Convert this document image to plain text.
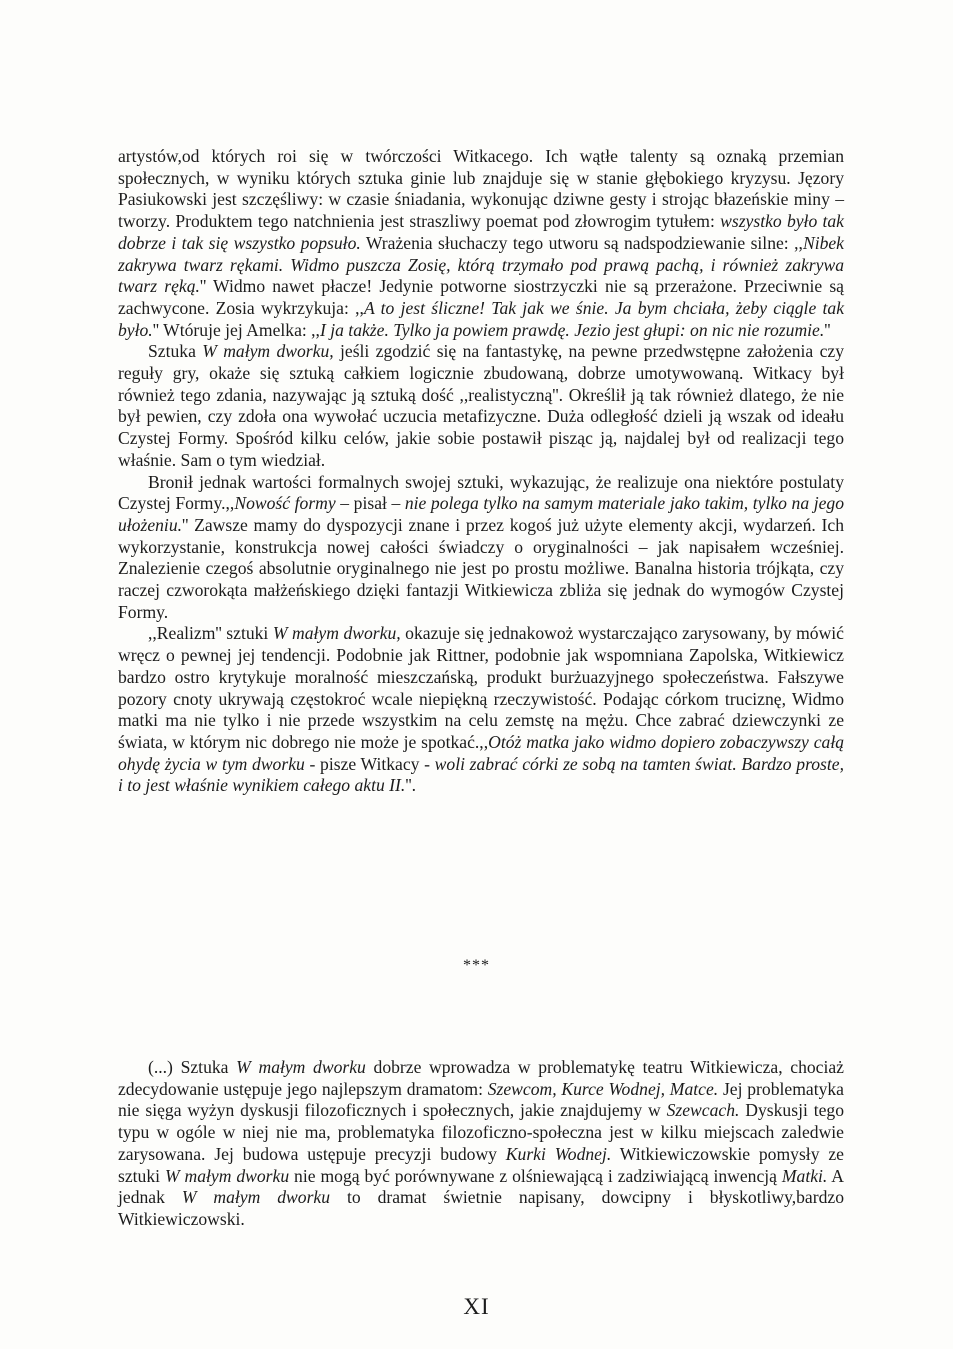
artystów,od których roi się w twórczości Witkacego. Ich wątłe talenty są oznaką przemian społecznych, w wyniku których sztuka ginie lub znajduje się w stanie głębokiego kryzysu. Jęzory Pasiukowski jest szczęśliwy: w czasie śniadania, wykonując dziwne gesty i strojąc błazeńskie miny – tworzy. Produktem tego natchnienia jest straszliwy poemat pod złowrogim tytułem: wszystko było tak dobrze i tak się wszystko popsuło. Wrażenia słuchaczy tego utworu są nadspodziewanie silne: ,,Nibek zakrywa twarz rękami. Widmo puszcza Zosię, którą trzymało pod prawą pachą, i również zakrywa twarz ręką.'' Widmo nawet płacze! Jedynie potworne siostrzyczki nie są przerażone. Przeciwnie są zachwycone. Zosia wykrzykuja: ,,A to jest śliczne! Tak jak we śnie. Ja bym chciała, żeby ciągle tak było.'' Wtóruje jej Amelka: ,,I ja także. Tylko ja powiem prawdę. Jezio jest głupi: on nic nie rozumie.''

Sztuka W małym dworku, jeśli zgodzić się na fantastykę, na pewne przedwstępne założenia czy reguły gry, okaże się sztuką całkiem logicznie zbudowaną, dobrze umotywowaną. Witkacy był również tego zdania, nazywając ją sztuką dość ,,realistyczną''. Określił ją tak również dlatego, że nie był pewien, czy zdoła ona wywołać uczucia metafizyczne. Duża odległość dzieli ją wszak od ideału Czystej Formy. Spośród kilku celów, jakie sobie postawił pisząc ją, najdalej był od realizacji tego właśnie. Sam o tym wiedział.

Bronił jednak wartości formalnych swojej sztuki, wykazując, że realizuje ona niektóre postulaty Czystej Formy.,,Nowość formy – pisał – nie polega tylko na samym materiale jako takim, tylko na jego ułożeniu.'' Zawsze mamy do dyspozycji znane i przez kogoś już użyte elementy akcji, wydarzeń. Ich wykorzystanie, konstrukcja nowej całości świadczy o oryginalności – jak napisałem wcześniej. Znalezienie czegoś absolutnie oryginalnego nie jest po prostu możliwe. Banalna historia trójkąta, czy raczej czworokąta małżeńskiego dzięki fantazji Witkiewicza zbliża się jednak do wymogów Czystej Formy.

,,Realizm'' sztuki W małym dworku, okazuje się jednakowoż wystarczająco zarysowany, by mówić wręcz o pewnej jej tendencji. Podobnie jak Rittner, podobnie jak wspomniana Zapolska, Witkiewicz bardzo ostro krytykuje moralność mieszczańską, produkt burżuazyjnego społeczeństwa. Fałszywe pozory cnoty ukrywają częstokroć wcale niepiękną rzeczywistość. Podając córkom truciznę, Widmo matki ma nie tylko i nie przede wszystkim na celu zemstę na mężu. Chce zabrać dziewczynki ze świata, w którym nic dobrego nie może je spotkać.,,Otóż matka jako widmo dopiero zobaczywszy całą ohydę życia w tym dworku - pisze Witkacy - woli zabrać córki ze sobą na tamten świat. Bardzo proste, i to jest właśnie wynikiem całego aktu II.''.

***

(...) Sztuka W małym dworku dobrze wprowadza w problematykę teatru Witkiewicza, chociaż zdecydowanie ustępuje jego najlepszym dramatom: Szewcom, Kurce Wodnej, Matce. Jej problematyka nie sięga wyżyn dyskusji filozoficznych i społecznych, jakie znajdujemy w Szewcach. Dyskusji tego typu w ogóle w niej nie ma, problematyka filozoficzno-społeczna jest w kilku miejscach zaledwie zarysowana. Jej budowa ustępuje precyzji budowy Kurki Wodnej. Witkiewiczowskie pomysły ze sztuki W małym dworku nie mogą być porównywane z olśniewającą i zadziwiającą inwencją Matki. A jednak W małym dworku to dramat świetnie napisany, dowcipny i błyskotliwy,bardzo Witkiewiczowski.

XI
